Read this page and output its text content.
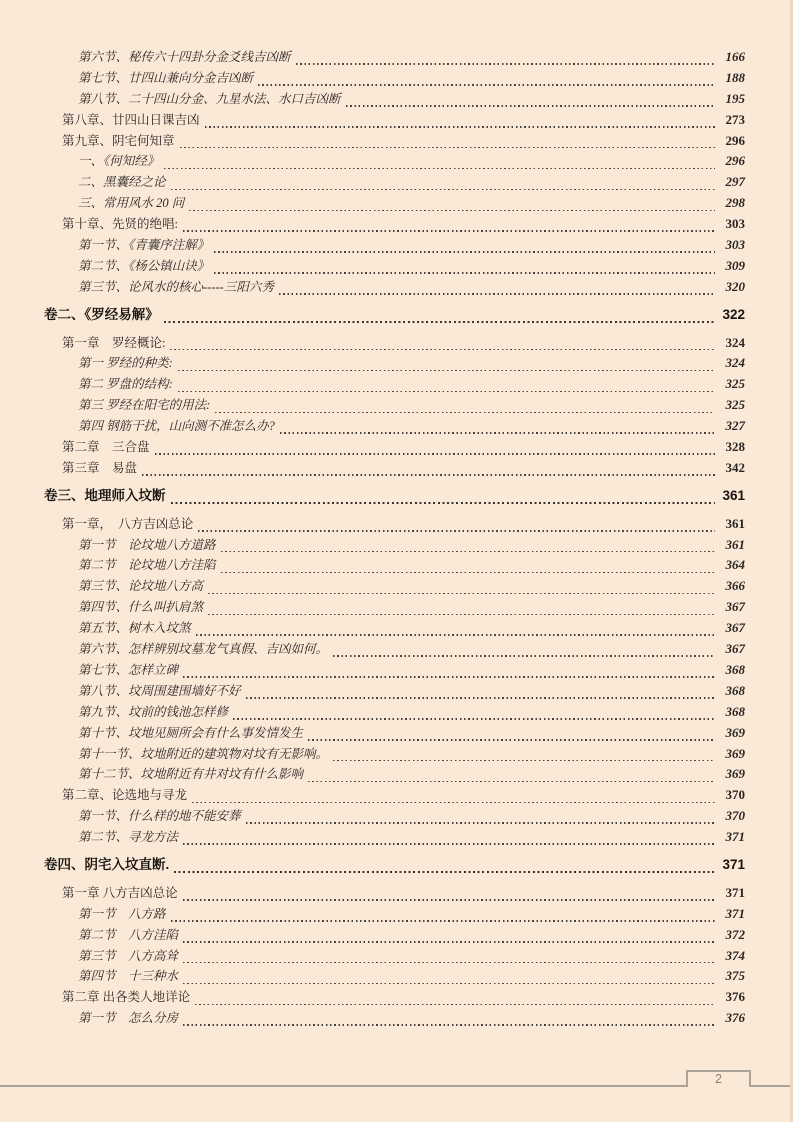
第六节、秘传六十四卦分金爻线吉凶断	166
第七节、廿四山兼向分金吉凶断	188
第八节、二十四山分金、九星水法、水口吉凶断	195
第八章、廿四山日课吉凶	273
第九章、阴宅何知章	296
一、《何知经》	296
二、黑囊经之论	297
三、常用风水 20 问	298
第十章、先贤的绝唱:	303
第一节、《青囊序注解》	303
第二节、《杨公镇山诀》	309
第三节、论风水的核心-----三阳六秀	320
卷二、《罗经易解》	322
第一章　罗经概论:	324
第一 罗经的种类:	324
第二 罗盘的结构:	325
第三 罗经在阳宅的用法:	325
第四 钢筋干扰，山向测不准怎么办?	327
第二章　三合盘	328
第三章　易盘	342
卷三、地理师入坟断	361
第一章，　八方吉凶总论	361
第一节　论坟地八方道路	361
第二节　论坟地八方洼陷	364
第三节、论坟地八方高	366
第四节、什么叫扒肩煞	367
第五节、树木入坟煞	367
第六节、怎样辨别坟墓龙气真假、吉凶如何。	367
第七节、怎样立碑	368
第八节、坟周围建围墙好不好	368
第九节、坟前的钱池怎样修	368
第十节、坟地见厕所会有什么事发情发生	369
第十一节、坟地附近的建筑物对坟有无影响。	369
第十二节、坟地附近有井对坟有什么影响	369
第二章、论选地与寻龙	370
第一节、什么样的地不能安葬	370
第二节、寻龙方法	371
卷四、阴宅入坟直断.	371
第一章 八方吉凶总论	371
第一节　八方路	371
第二节　八方洼陷	372
第三节　八方高耸	374
第四节　十三种水	375
第二章 出各类人地详论	376
第一节　怎么分房	376
2
